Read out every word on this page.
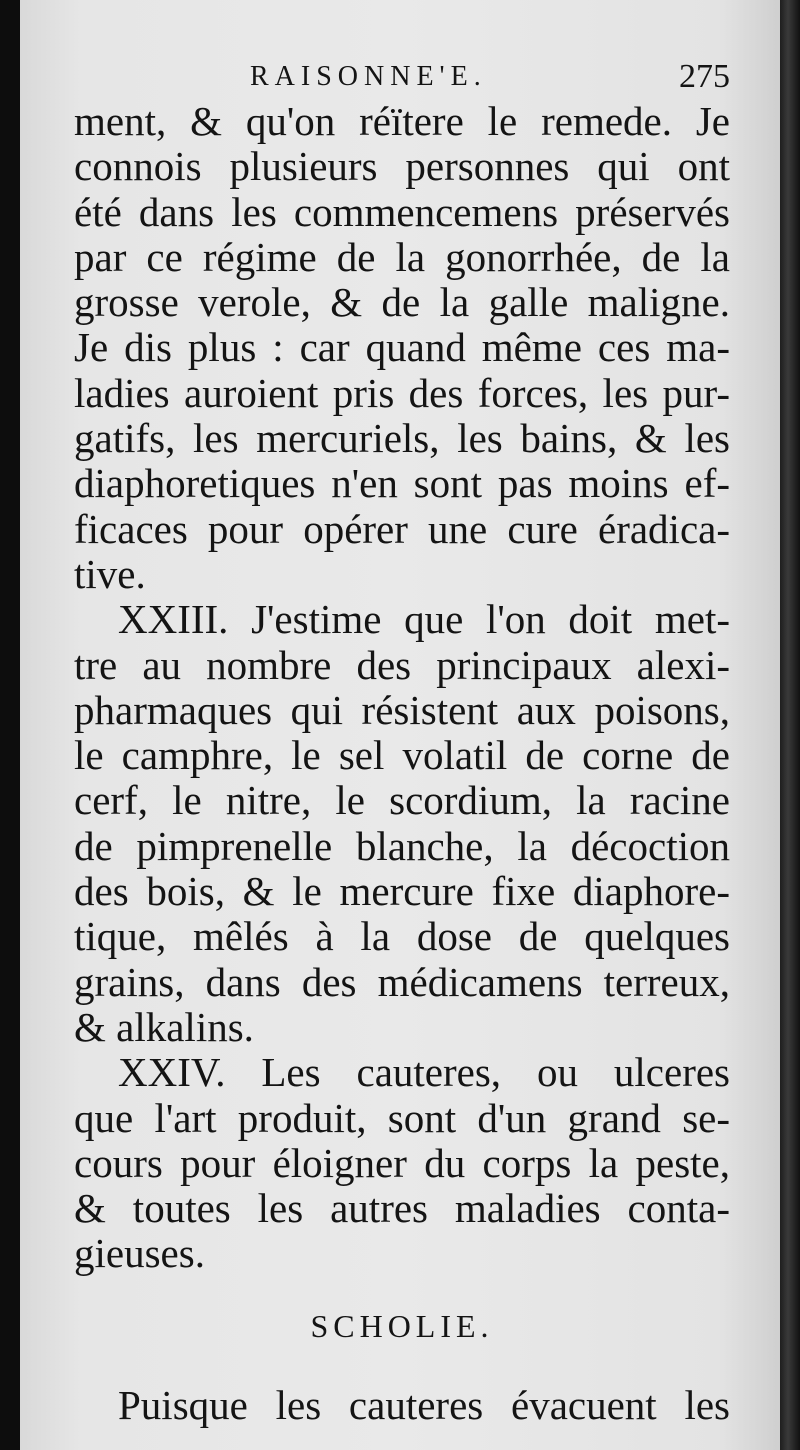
RAISONNE'E.	275
ment, & qu'on réïtere le remede. Je
connois plusieurs personnes qui ont
été dans les commencemens préservés
par ce régime de la gonorrhée, de la
grosse verole, & de la galle maligne.
Je dis plus : car quand même ces ma-
ladies auroient pris des forces, les pur-
gatifs, les mercuriels, les bains, & les
diaphoretiques n'en sont pas moins ef-
ficaces pour opérer une cure éradica-
tive.
XXIII. J'estime que l'on doit met-
tre au nombre des principaux alexi-
pharmaques qui résistent aux poisons,
le camphre, le sel volatil de corne de
cerf, le nitre, le scordium, la racine
de pimprenelle blanche, la décoction
des bois, & le mercure fixe diaphore-
tique, mêlés à la dose de quelques
grains, dans des médicamens terreux,
& alkalins.
XXIV. Les cauteres, ou ulceres
que l'art produit, sont d'un grand se-
cours pour éloigner du corps la peste,
& toutes les autres maladies conta-
gieuses.
SCHOLIE.
Puisque les cauteres évacuent les
